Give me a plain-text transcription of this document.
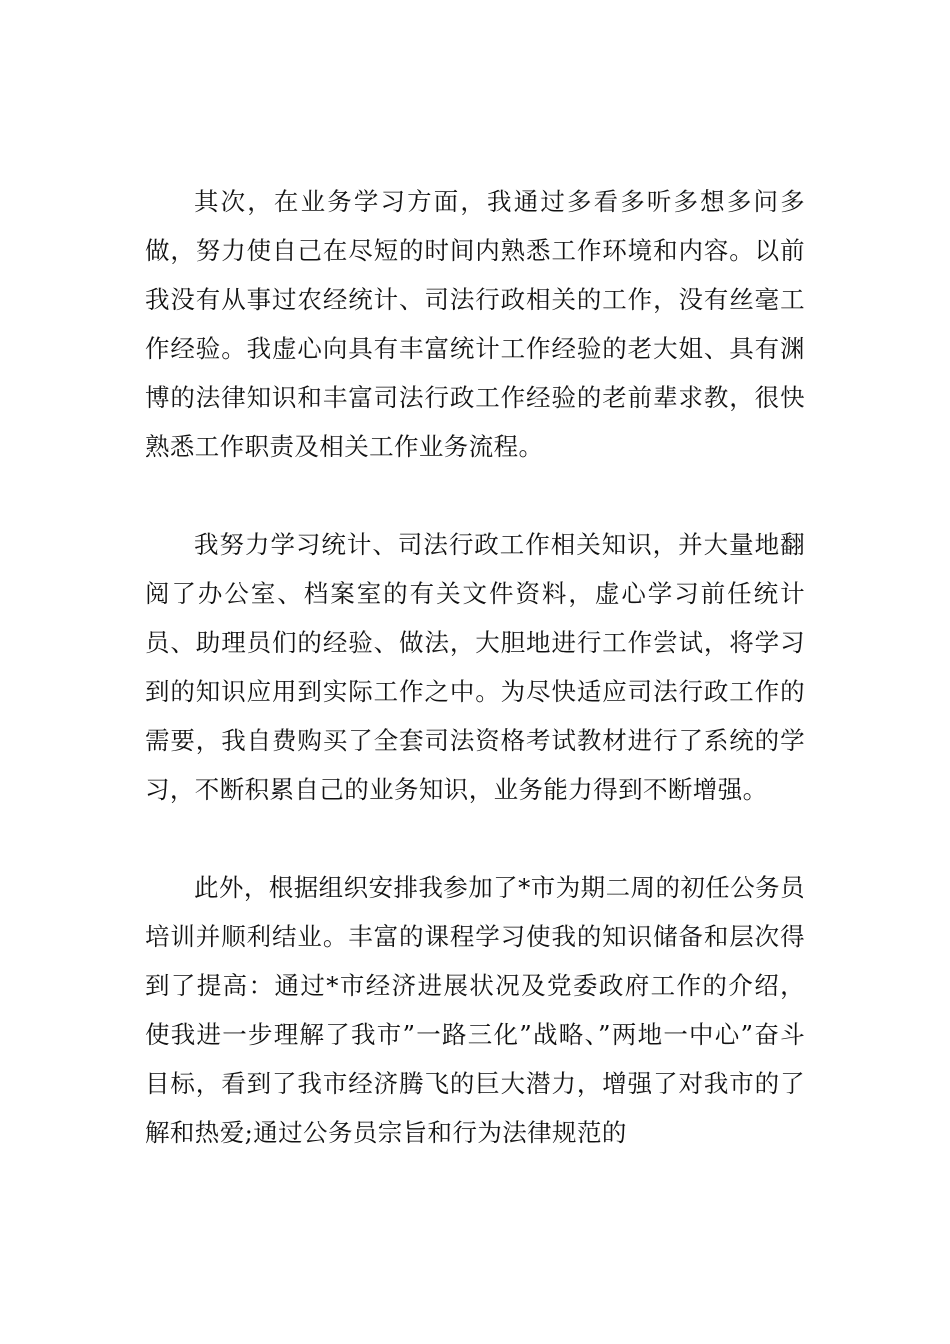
其次，在业务学习方面，我通过多看多听多想多问多做，努力使自己在尽短的时间内熟悉工作环境和内容。以前我没有从事过农经统计、司法行政相关的工作，没有丝毫工作经验。我虚心向具有丰富统计工作经验的老大姐、具有渊博的法律知识和丰富司法行政工作经验的老前辈求教，很快熟悉工作职责及相关工作业务流程。

我努力学习统计、司法行政工作相关知识，并大量地翻阅了办公室、档案室的有关文件资料，虚心学习前任统计员、助理员们的经验、做法，大胆地进行工作尝试，将学习到的知识应用到实际工作之中。为尽快适应司法行政工作的需要，我自费购买了全套司法资格考试教材进行了系统的学习，不断积累自己的业务知识，业务能力得到不断增强。

此外，根据组织安排我参加了*市为期二周的初任公务员培训并顺利结业。丰富的课程学习使我的知识储备和层次得到了提高：通过*市经济进展状况及党委政府工作的介绍，使我进一步理解了我市”一路三化”战略、”两地一中心”奋斗目标，看到了我市经济腾飞的巨大潜力，增强了对我市的了解和热爱;通过公务员宗旨和行为法律规范的
